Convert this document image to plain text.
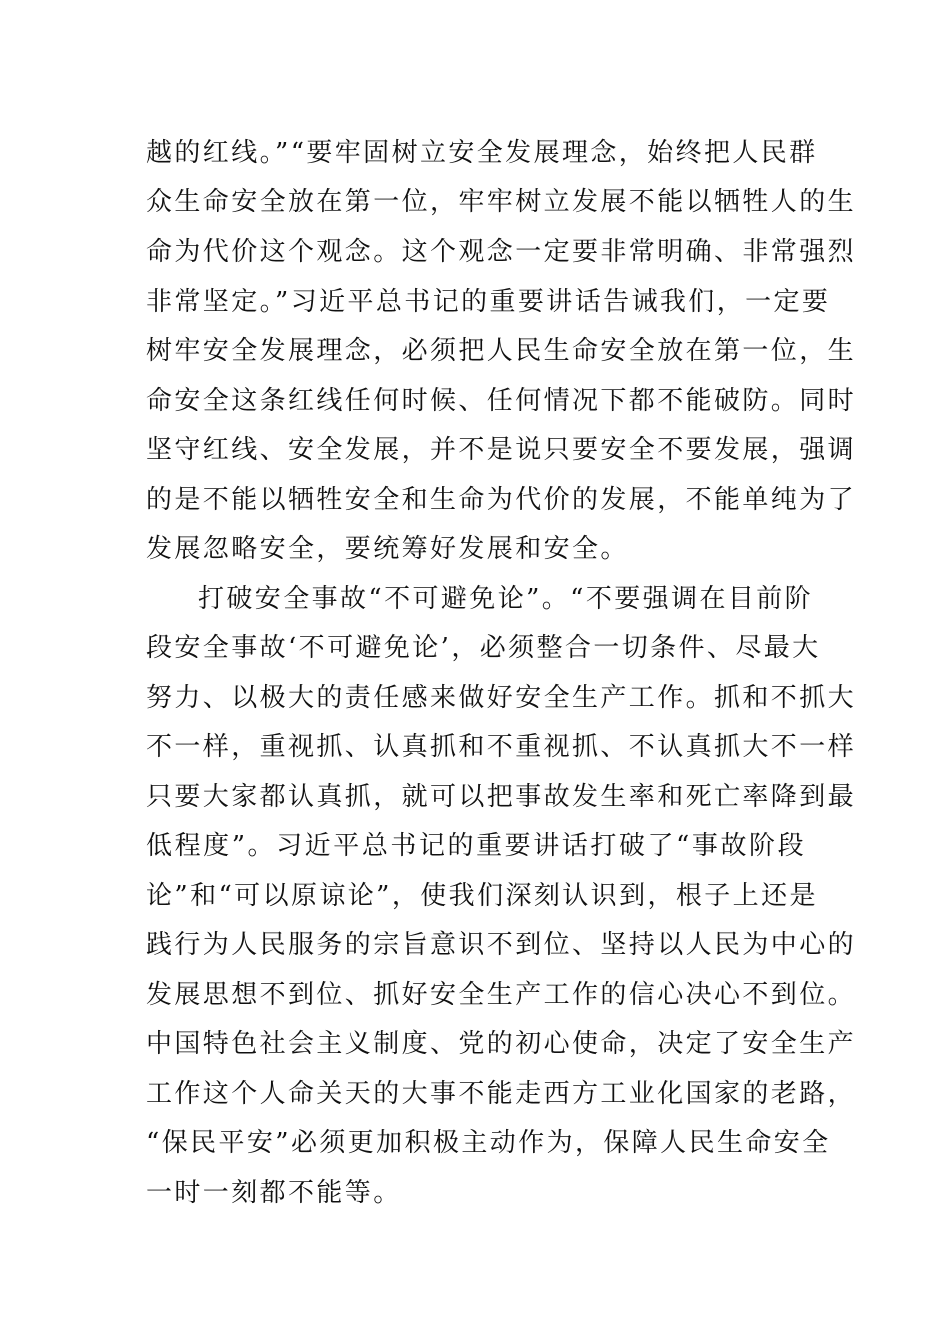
越的红线。”“要牢固树立安全发展理念，始终把人民群
众生命安全放在第一位，牢牢树立发展不能以牺牲人的生
命为代价这个观念。这个观念一定要非常明确、非常强烈
非常坚定。”习近平总书记的重要讲话告诫我们，一定要
树牢安全发展理念，必须把人民生命安全放在第一位，生
命安全这条红线任何时候、任何情况下都不能破防。同时
坚守红线、安全发展，并不是说只要安全不要发展，强调
的是不能以牺牲安全和生命为代价的发展，不能单纯为了
发展忽略安全，要统筹好发展和安全。
打破安全事故“不可避免论”。“不要强调在目前阶
段安全事故‘不可避免论’，必须整合一切条件、尽最大
努力、以极大的责任感来做好安全生产工作。抓和不抓大
不一样，重视抓、认真抓和不重视抓、不认真抓大不一样
只要大家都认真抓，就可以把事故发生率和死亡率降到最
低程度”。习近平总书记的重要讲话打破了“事故阶段
论”和“可以原谅论”，使我们深刻认识到，根子上还是
践行为人民服务的宗旨意识不到位、坚持以人民为中心的
发展思想不到位、抓好安全生产工作的信心决心不到位。
中国特色社会主义制度、党的初心使命，决定了安全生产
工作这个人命关天的大事不能走西方工业化国家的老路，
“保民平安”必须更加积极主动作为，保障人民生命安全
一时一刻都不能等。
